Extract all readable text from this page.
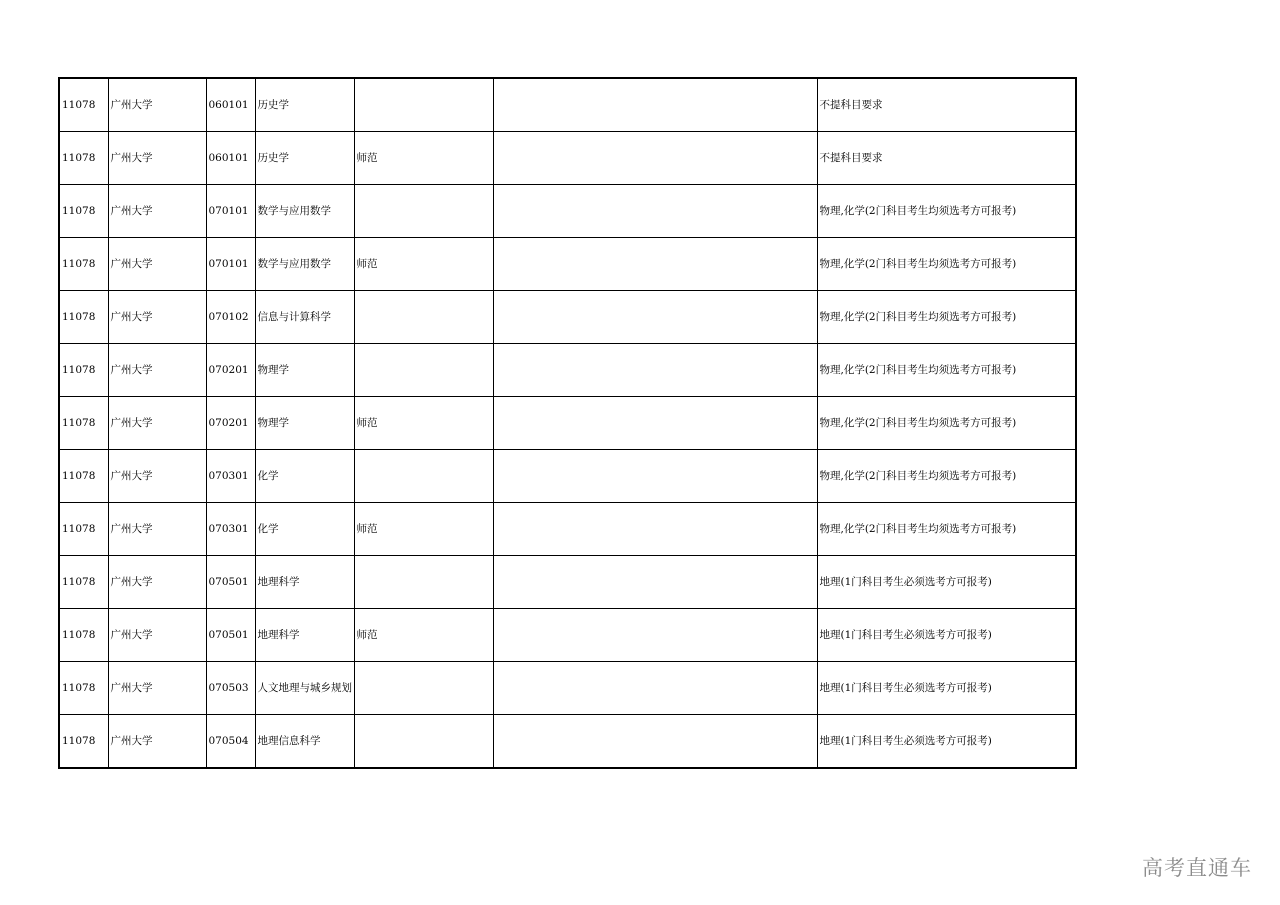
11078	广州大学	060101	历史学			不提科目要求
11078	广州大学	060101	历史学	师范		不提科目要求
11078	广州大学	070101	数学与应用数学			物理,化学(2门科目考生均须选考方可报考)
11078	广州大学	070101	数学与应用数学	师范		物理,化学(2门科目考生均须选考方可报考)
11078	广州大学	070102	信息与计算科学			物理,化学(2门科目考生均须选考方可报考)
11078	广州大学	070201	物理学			物理,化学(2门科目考生均须选考方可报考)
11078	广州大学	070201	物理学	师范		物理,化学(2门科目考生均须选考方可报考)
11078	广州大学	070301	化学			物理,化学(2门科目考生均须选考方可报考)
11078	广州大学	070301	化学	师范		物理,化学(2门科目考生均须选考方可报考)
11078	广州大学	070501	地理科学			地理(1门科目考生必须选考方可报考)
11078	广州大学	070501	地理科学	师范		地理(1门科目考生必须选考方可报考)
11078	广州大学	070503	人文地理与城乡规划			地理(1门科目考生必须选考方可报考)
11078	广州大学	070504	地理信息科学			地理(1门科目考生必须选考方可报考)
高考直通车
